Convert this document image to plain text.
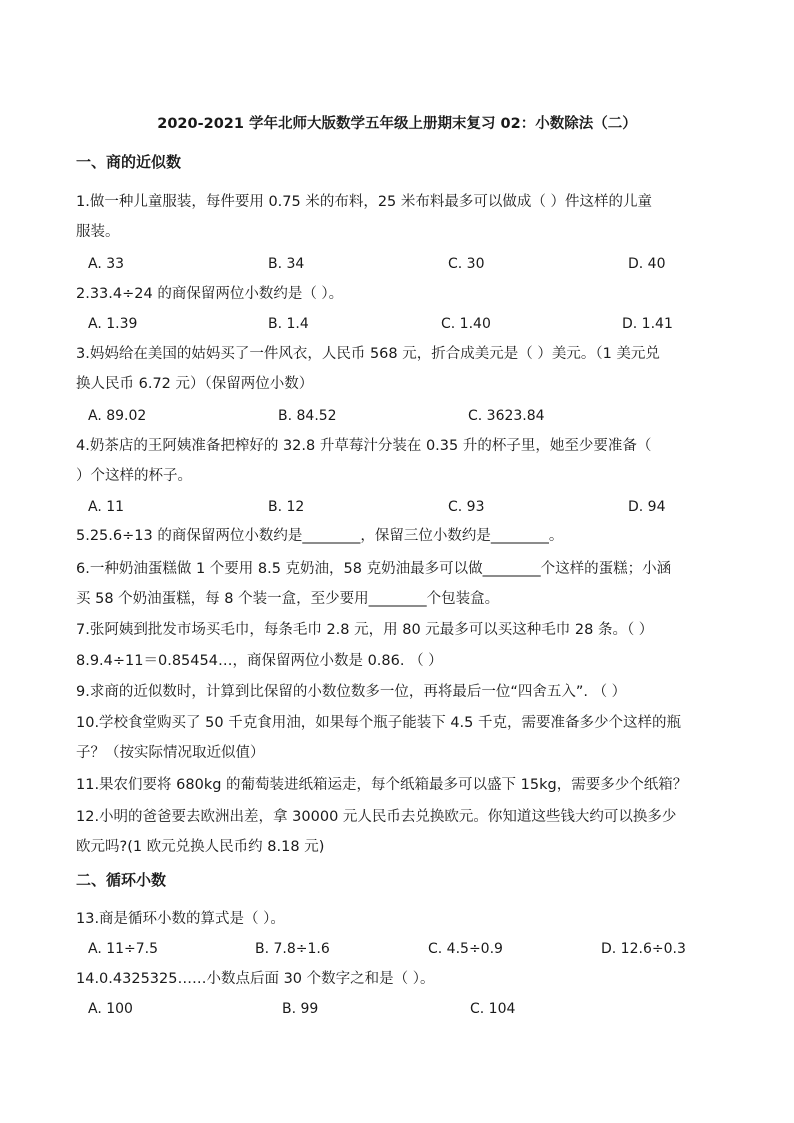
2020-2021 学年北师大版数学五年级上册期末复习 02：小数除法（二）
一、商的近似数
1.做一种儿童服装，每件要用 0.75 米的布料，25 米布料最多可以做成（ ）件这样的儿童
服装。
A. 33	B. 34	C. 30	D. 40
2.33.4÷24 的商保留两位小数约是（ ）。
A. 1.39	B. 1.4	C. 1.40	D. 1.41
3.妈妈给在美国的姑妈买了一件风衣，人民币 568 元，折合成美元是（ ）美元。（1 美元兑
换人民币 6.72 元）（保留两位小数）
A. 89.02	B. 84.52	C. 3623.84
4.奶茶店的王阿姨准备把榨好的 32.8 升草莓汁分装在 0.35 升的杯子里，她至少要准备（
）个这样的杯子。
A. 11	B. 12	C. 93	D. 94
5.25.6÷13 的商保留两位小数约是________，保留三位小数约是________。
6.一种奶油蛋糕做 1 个要用 8.5 克奶油，58 克奶油最多可以做________个这样的蛋糕；小涵
买 58 个奶油蛋糕，每 8 个装一盒，至少要用________个包装盒。
7.张阿姨到批发市场买毛巾，每条毛巾 2.8 元，用 80 元最多可以买这种毛巾 28 条。（ ）
8.9.4÷11＝0.85454…，商保留两位小数是 0.86. （ ）
9.求商的近似数时，计算到比保留的小数位数多一位，再将最后一位“四舍五入”. （ ）
10.学校食堂购买了 50 千克食用油，如果每个瓶子能装下 4.5 千克，需要准备多少个这样的瓶
子？（按实际情况取近似值）
11.果农们要将 680kg 的葡萄装进纸箱运走，每个纸箱最多可以盛下 15kg，需要多少个纸箱？
12.小明的爸爸要去欧洲出差，拿 30000 元人民币去兑换欧元。你知道这些钱大约可以换多少
欧元吗?(1 欧元兑换人民币约 8.18 元)
二、循环小数
13.商是循环小数的算式是（ ）。
A. 11÷7.5	B. 7.8÷1.6	C. 4.5÷0.9	D. 12.6÷0.3
14.0.4325325……小数点后面 30 个数字之和是（ ）。
A. 100	B. 99	C. 104
